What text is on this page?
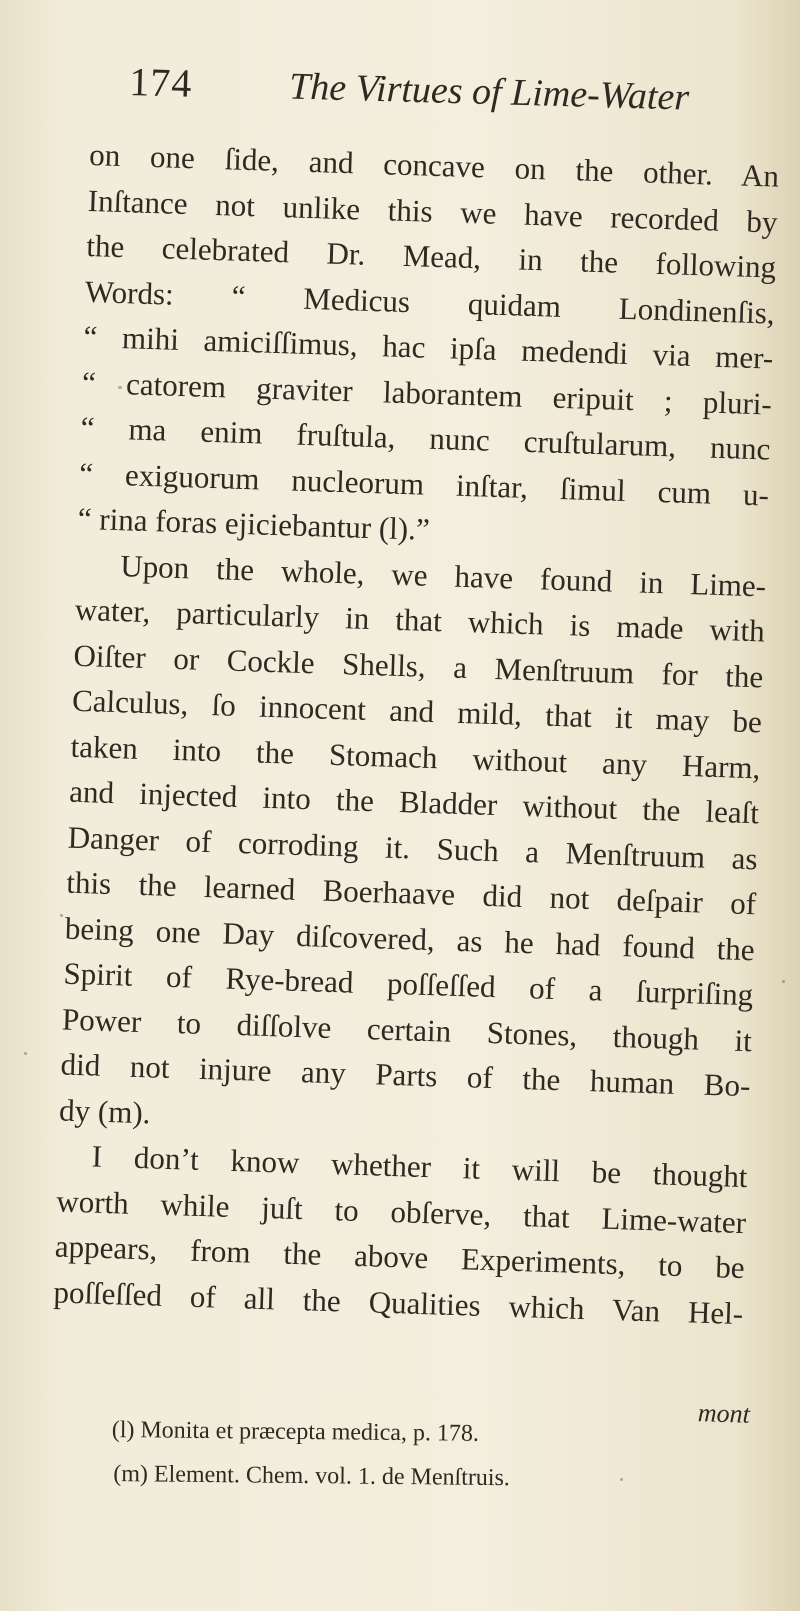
174	The Virtues of Lime-Water
on one ſide, and concave on the other. An
Inſtance not unlike this we have recorded by
the celebrated Dr. Mead, in the following
Words: “ Medicus quidam Londinenſis,
“ mihi amiciſſimus, hac ipſa medendi via mer-
“ catorem graviter laborantem eripuit ; pluri-
“ ma enim fruſtula, nunc cruſtularum, nunc
“ exiguorum nucleorum inſtar, ſimul cum u-
“ rina foras ejiciebantur (l).”
Upon the whole, we have found in Lime-
water, particularly in that which is made with
Oiſter or Cockle Shells, a Menſtruum for the
Calculus, ſo innocent and mild, that it may be
taken into the Stomach without any Harm,
and injected into the Bladder without the leaſt
Danger of corroding it. Such a Menſtruum as
this the learned Boerhaave did not deſpair of
being one Day diſcovered, as he had found the
Spirit of Rye-bread poſſeſſed of a ſurpriſing
Power to diſſolve certain Stones, though it
did not injure any Parts of the human Bo-
dy (m).
I don’t know whether it will be thought
worth while juſt to obſerve, that Lime-water
appears, from the above Experiments, to be
poſſeſſed of all the Qualities which Van Hel-
mont
(l) Monita et præcepta medica, p. 178.
(m) Element. Chem. vol. 1. de Menſtruis.
